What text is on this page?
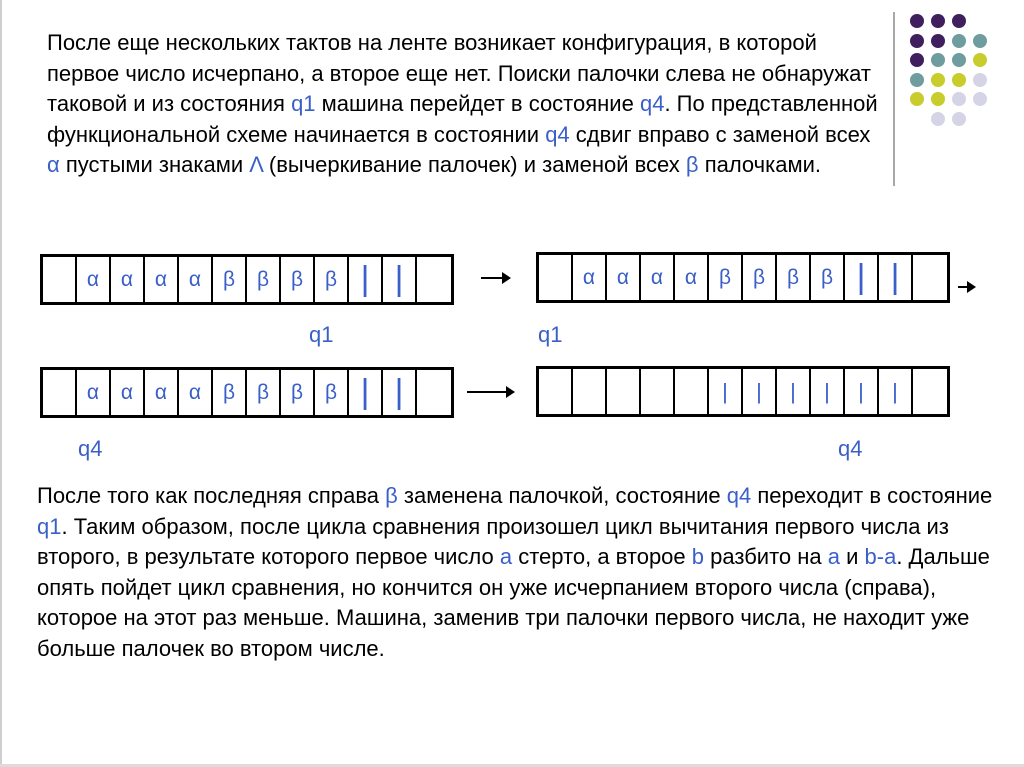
После еще нескольких тактов на ленте возникает конфигурация, в которой первое число исчерпано, а второе еще нет. Поиски палочки слева не обнаружат таковой и из состояния q1 машина перейдет в состояние q4. По представленной функциональной схеме начинается в состоянии q4 сдвиг вправо с заменой всех α пустыми знаками Λ (вычеркивание палочек) и заменой всех β палочками.

α	α	α	α	β	β	β	β | |	α	α	α	α	β	β	β	β | |
q1	q1
α	α	α	α	β	β	β	β | |	|	|	|	|	|	|
q4	q4

После того как последняя справа β заменена палочкой, состояние q4 переходит в состояние q1. Таким образом, после цикла сравнения произошел цикл вычитания первого числа из второго, в результате которого первое число a стерто, а второе b разбито на a и b-a. Дальше опять пойдет цикл сравнения, но кончится он уже исчерпанием второго числа (справа), которое на этот раз меньше. Машина, заменив три палочки первого числа, не находит уже больше палочек во втором числе.
